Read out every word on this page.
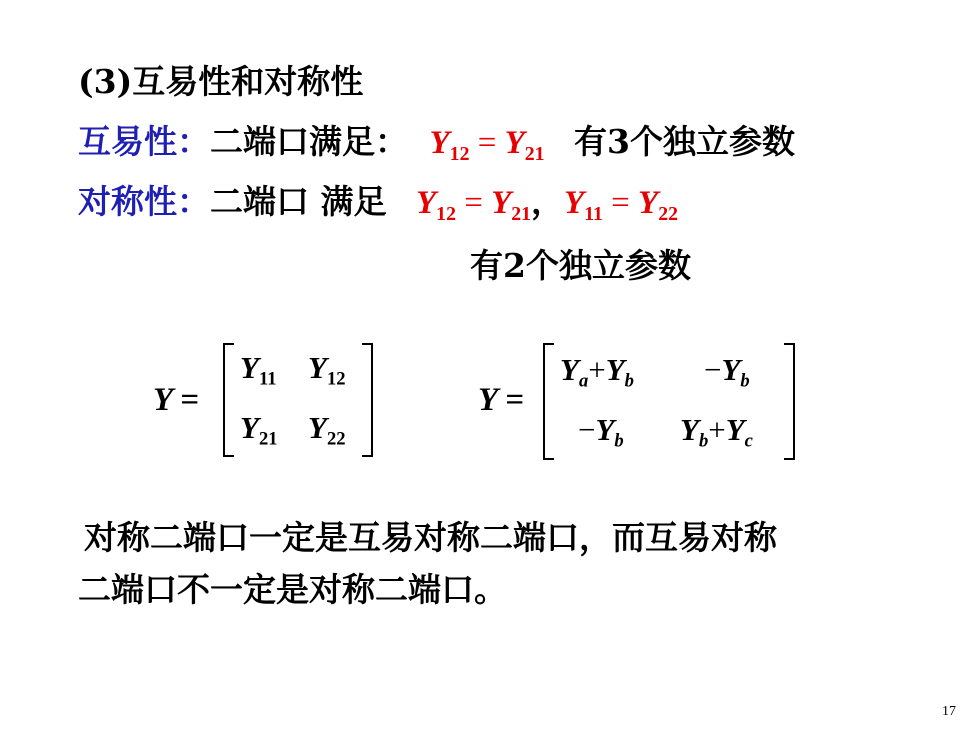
(3)互易性和对称性
互易性：二端口满足： $Y_{12} = Y_{21}$ 有3个独立参数
对称性：二端口 满足 $Y_{12} = Y_{21}$，$Y_{11} = Y_{22}$
有2个独立参数
Y =
$Y_{11}$ $Y_{12}$
$Y_{21}$ $Y_{22}$
Y =
$Y_a+Y_b -Y_b$
$-Y_b$ $Y_b+Y_c$
对称二端口一定是互易对称二端口，而互易对称
二端口不一定是对称二端口。
17
